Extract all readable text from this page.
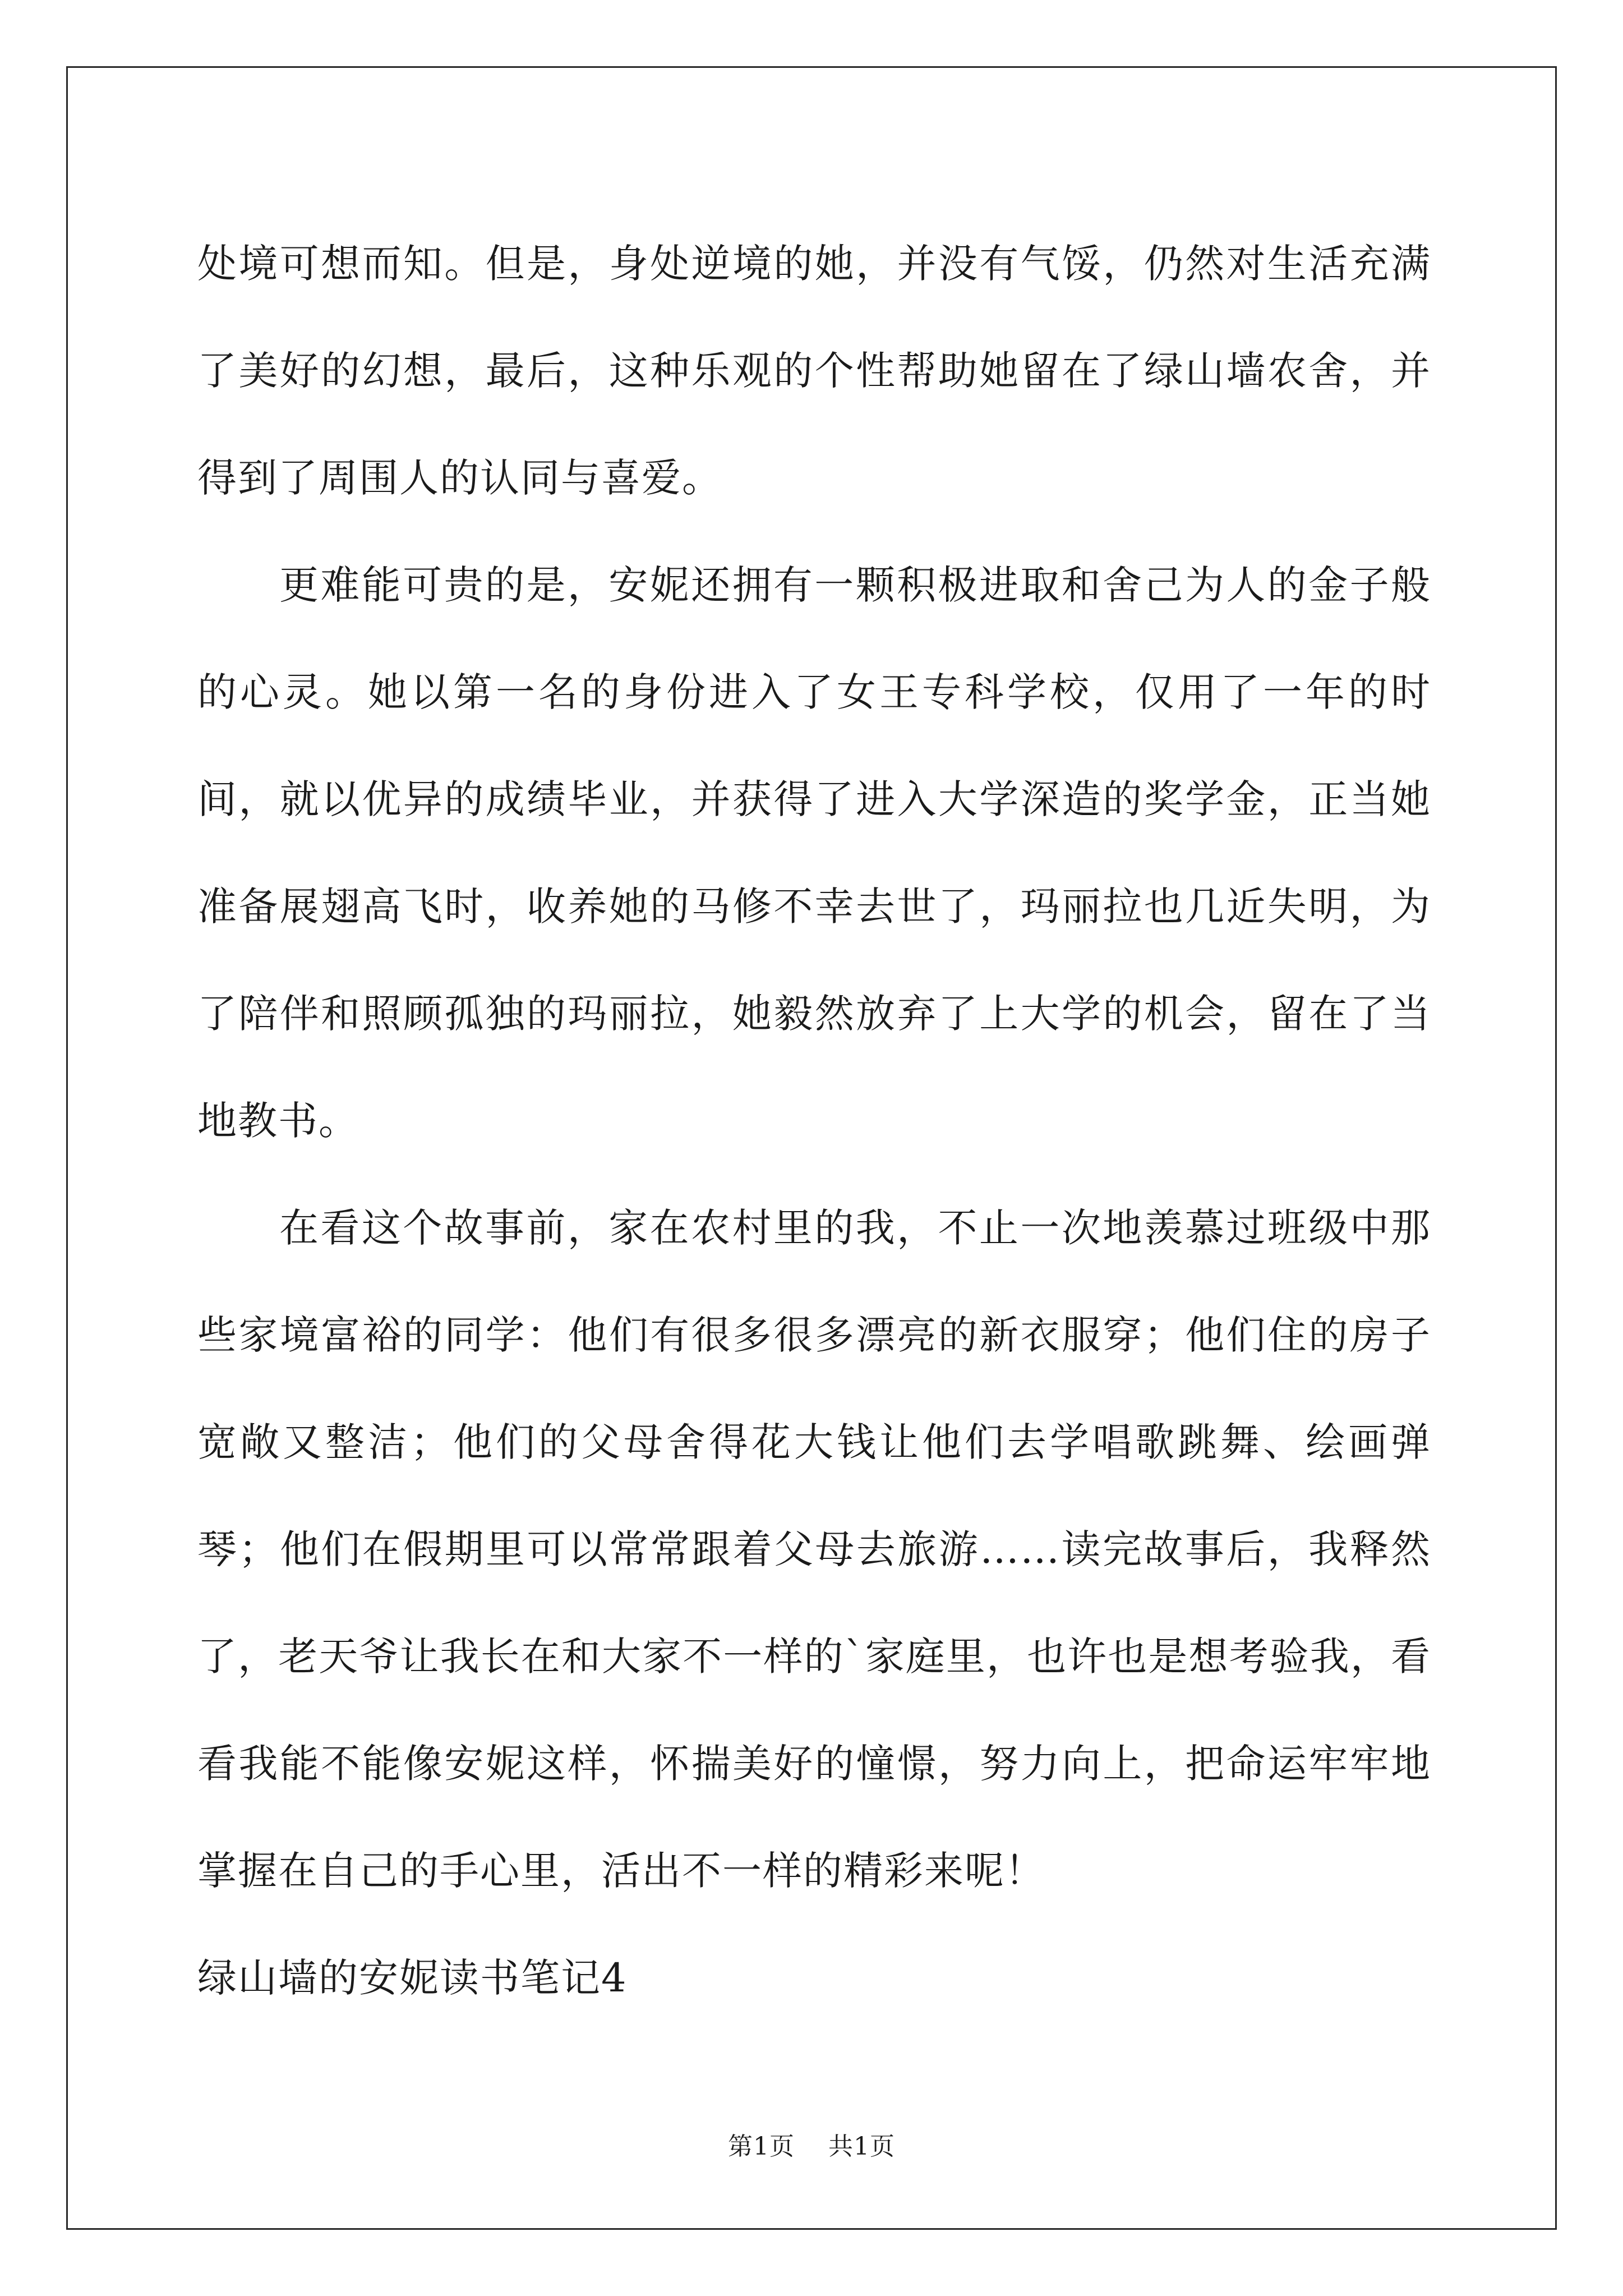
处境可想而知。但是，身处逆境的她，并没有气馁，仍然对生活充满了美好的幻想，最后，这种乐观的个性帮助她留在了绿山墙农舍，并得到了周围人的认同与喜爱。

更难能可贵的是，安妮还拥有一颗积极进取和舍己为人的金子般的心灵。她以第一名的身份进入了女王专科学校，仅用了一年的时间，就以优异的成绩毕业，并获得了进入大学深造的奖学金，正当她准备展翅高飞时，收养她的马修不幸去世了，玛丽拉也几近失明，为了陪伴和照顾孤独的玛丽拉，她毅然放弃了上大学的机会，留在了当地教书。

在看这个故事前，家在农村里的我，不止一次地羡慕过班级中那些家境富裕的同学：他们有很多很多漂亮的新衣服穿；他们住的房子宽敞又整洁；他们的父母舍得花大钱让他们去学唱歌跳舞、绘画弹琴；他们在假期里可以常常跟着父母去旅游……读完故事后，我释然了，老天爷让我长在和大家不一样的`家庭里，也许也是想考验我，看看我能不能像安妮这样，怀揣美好的憧憬，努力向上，把命运牢牢地掌握在自己的手心里，活出不一样的精彩来呢！

绿山墙的安妮读书笔记4

第1页 共1页
